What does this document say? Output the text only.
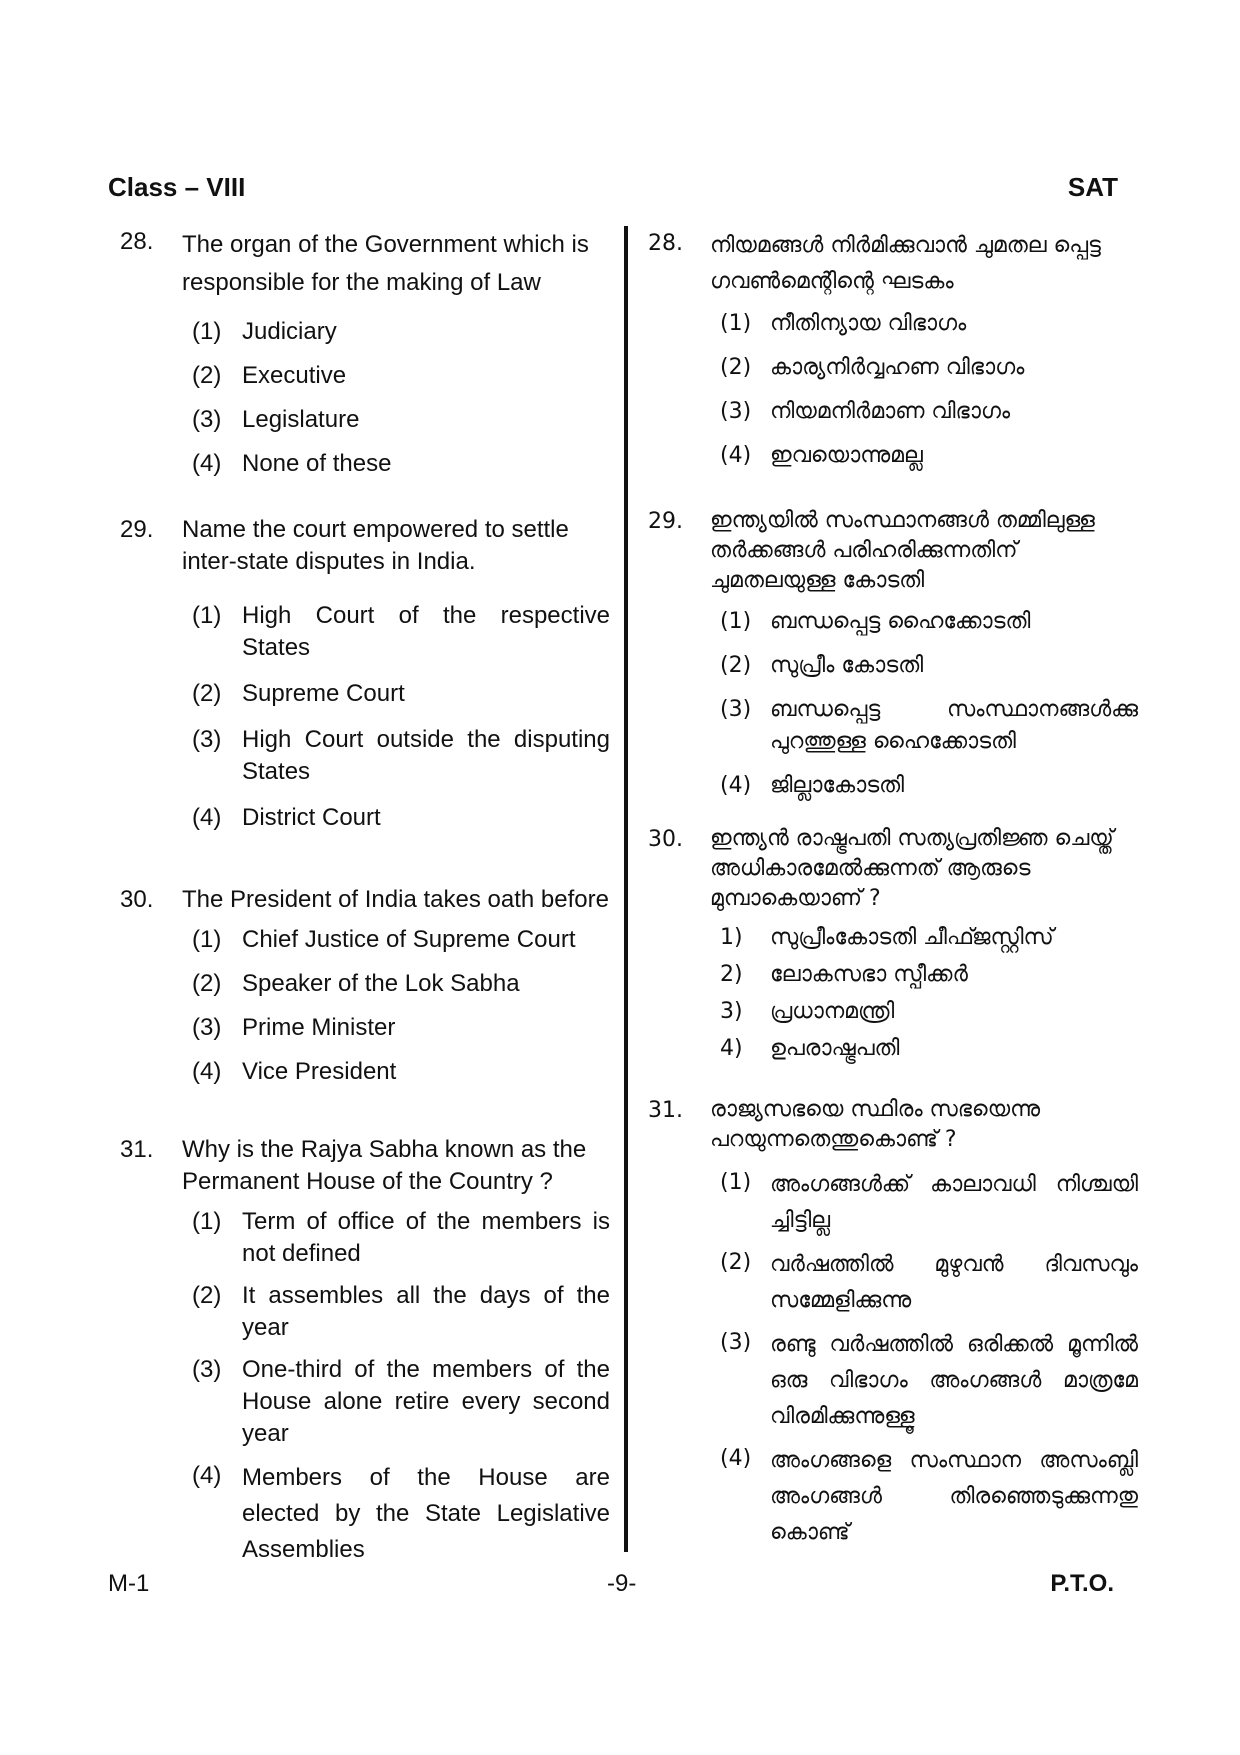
Class – VIII	SAT
28.	The organ of the Government which is responsible for the making of Law
(1) Judiciary
(2) Executive
(3) Legislature
(4) None of these
29.	Name the court empowered to settle inter-state disputes in India.
(1) High Court of the respective States
(2) Supreme Court
(3) High Court outside the disputing States
(4) District Court
30.	The President of India takes oath before
(1) Chief Justice of Supreme Court
(2) Speaker of the Lok Sabha
(3) Prime Minister
(4) Vice President
31.	Why is the Rajya Sabha known as the Permanent House of the Country ?
(1) Term of office of the members is not defined
(2) It assembles all the days of the year
(3) One-third of the members of the House alone retire every second year
(4) Members of the House are elected by the State Legislative Assemblies
28.	നിയമങ്ങൾ നിർമിക്കുവാൻ ചുമതല പ്പെട്ട ഗവൺമെന്റിന്റെ ഘടകം
(1) നീതിന്യായ വിഭാഗം
(2) കാര്യനിർവ്വഹണ വിഭാഗം
(3) നിയമനിർമാണ വിഭാഗം
(4) ഇവയൊന്നുമല്ല
29.	ഇന്ത്യയിൽ സംസ്ഥാനങ്ങൾ തമ്മിലുള്ള തർക്കങ്ങൾ പരിഹരിക്കുന്നതിന് ചുമതലയുള്ള കോടതി
(1) ബന്ധപ്പെട്ട ഹൈക്കോടതി
(2) സുപ്രീം കോടതി
(3) ബന്ധപ്പെട്ട സംസ്ഥാനങ്ങൾക്കു പുറത്തുള്ള ഹൈക്കോടതി
(4) ജില്ലാകോടതി
30.	ഇന്ത്യൻ രാഷ്ട്രപതി സത്യപ്രതിജ്ഞ ചെയ്ത് അധികാരമേൽക്കുന്നത് ആരുടെ മുമ്പാകെയാണ് ?
1)	സുപ്രീംകോടതി ചീഫ്ജസ്റ്റിസ്
2)	ലോകസഭാ സ്പീക്കർ
3)	പ്രധാനമന്ത്രി
4)	ഉപരാഷ്ട്രപതി
31.	രാജ്യസഭയെ സ്ഥിരം സഭയെന്നു പറയുന്നതെന്തുകൊണ്ട് ?
(1) അംഗങ്ങൾക്ക് കാലാവധി നിശ്ചയി ച്ചിട്ടില്ല
(2) വർഷത്തിൽ മുഴുവൻ ദിവസവും സമ്മേളിക്കുന്നു
(3) രണ്ടു വർഷത്തിൽ ഒരിക്കൽ മൂന്നിൽ ഒരു വിഭാഗം അംഗങ്ങൾ മാത്രമേ വിരമിക്കുന്നുള്ളൂ
(4) അംഗങ്ങളെ സംസ്ഥാന അസംബ്ലി അംഗങ്ങൾ തിരഞ്ഞെടുക്കുന്നതു കൊണ്ട്
M-1	-9-	P.T.O.
